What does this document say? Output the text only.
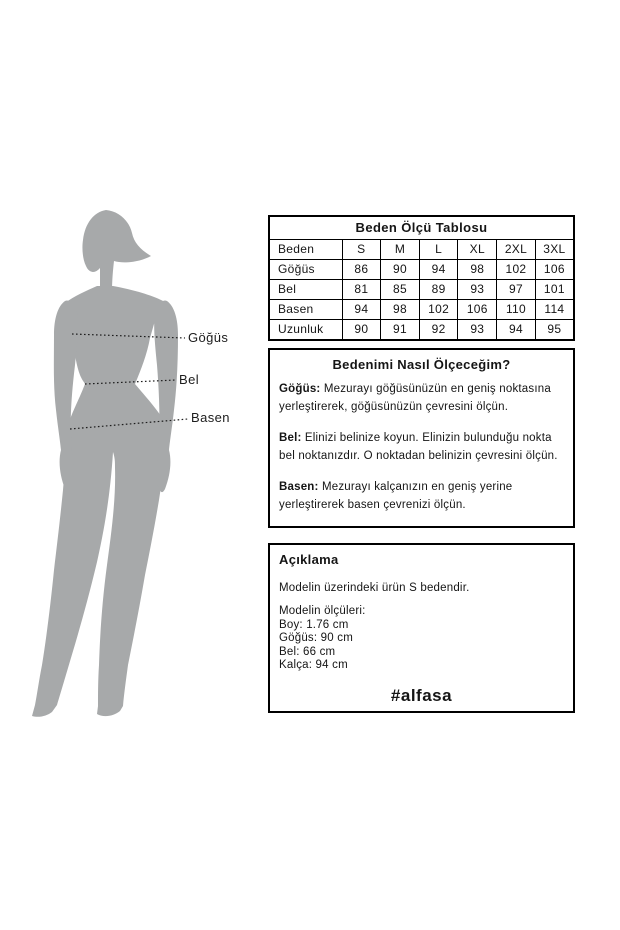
Göğüs
Bel
Basen
Beden Ölçü Tablosu						
Beden	S	M	L	XL	2XL	3XL
Göğüs	86	90	94	98	102	106
Bel	81	85	89	93	97	101
Basen	94	98	102	106	110	114
Uzunluk	90	91	92	93	94	95
Bedenimi Nasıl Ölçeceğim?

Göğüs: Mezurayı göğüsünüzün en geniş noktasına yerleştirerek, göğüsünüzün çevresini ölçün.

Bel: Elinizi belinize koyun. Elinizin bulunduğu nokta bel noktanızdır. O noktadan belinizin çevresini ölçün.

Basen: Mezurayı kalçanızın en geniş yerine yerleştirerek basen çevrenizi ölçün.

Açıklama

Modelin üzerindeki ürün S bedendir.

Modelin ölçüleri:
Boy: 1.76 cm
Göğüs: 90 cm
Bel: 66 cm
Kalça: 94 cm
#alfasa
